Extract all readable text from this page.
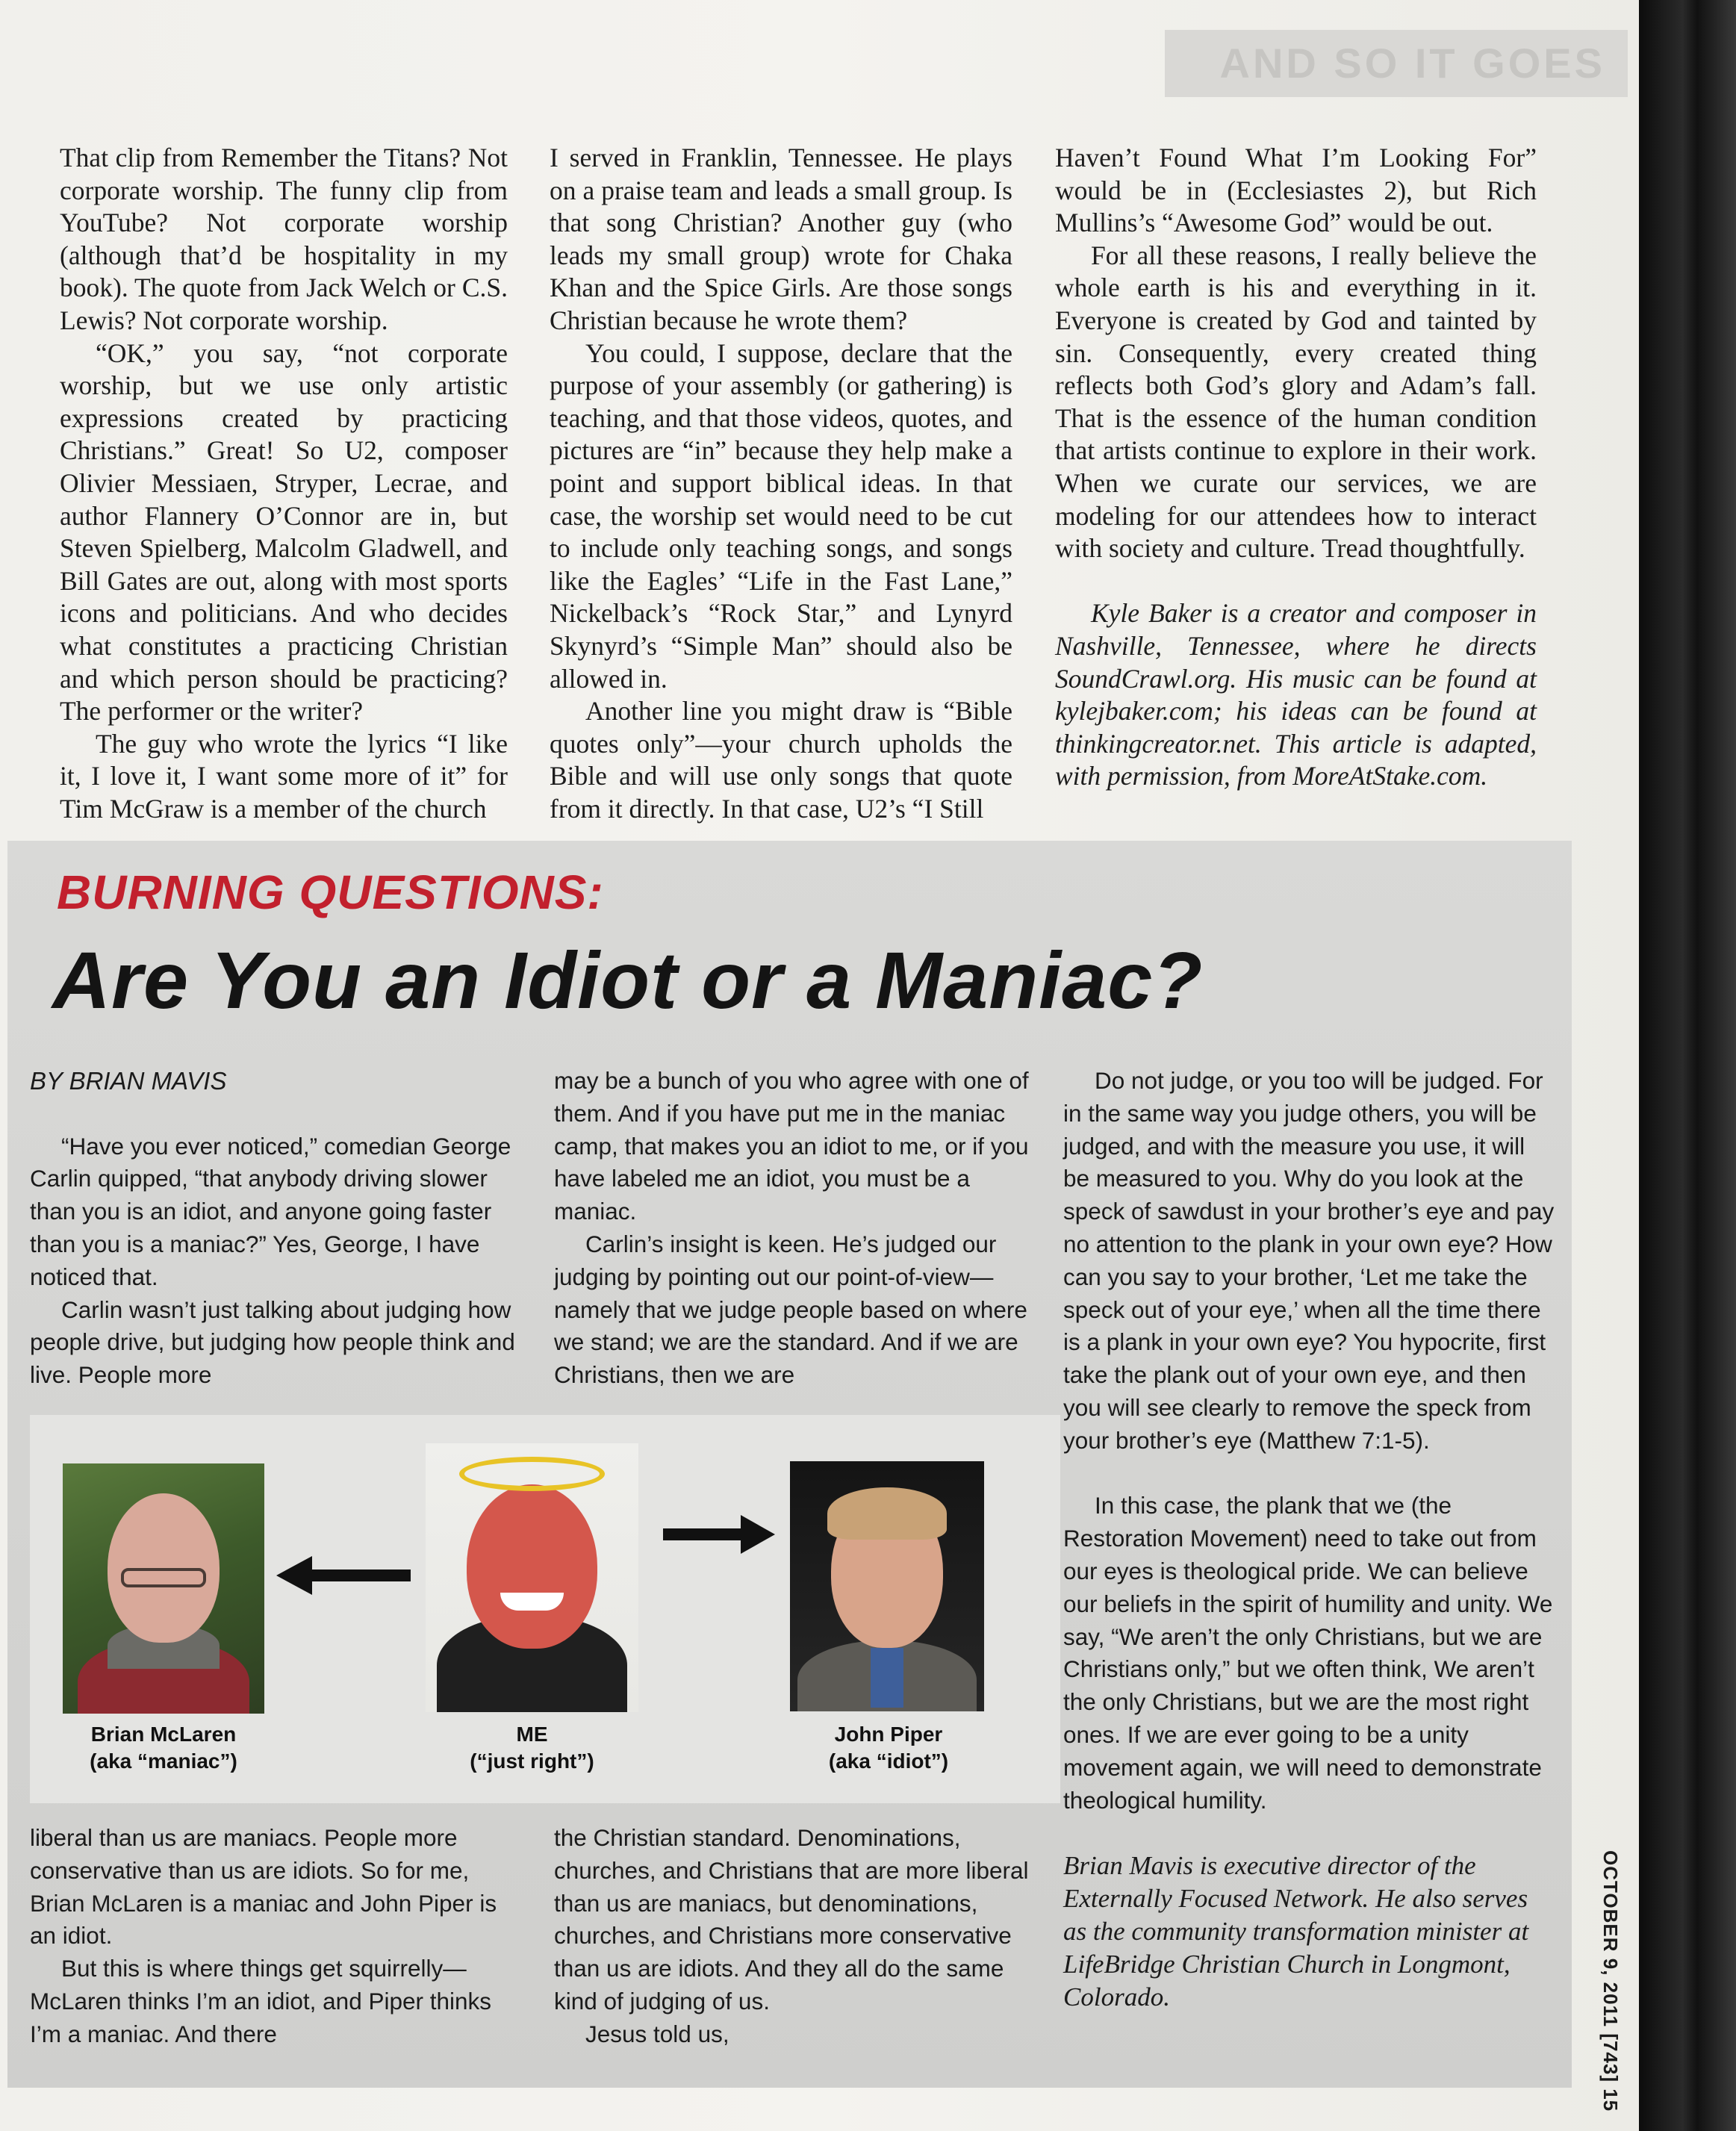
AND SO IT GOES

That clip from Remember the Titans? Not corporate worship. The funny clip from YouTube? Not corporate worship (although that’d be hospitality in my book). The quote from Jack Welch or C.S. Lewis? Not corporate worship.

“OK,” you say, “not corporate worship, but we use only artistic expressions created by practicing Christians.” Great! So U2, composer Olivier Messiaen, Stryper, Lecrae, and author Flannery O’Connor are in, but Steven Spielberg, Malcolm Gladwell, and Bill Gates are out, along with most sports icons and politicians. And who decides what constitutes a practicing Christian and which person should be practicing? The performer or the writer?

The guy who wrote the lyrics “I like it, I love it, I want some more of it” for Tim McGraw is a member of the church

I served in Franklin, Tennessee. He plays on a praise team and leads a small group. Is that song Christian? Another guy (who leads my small group) wrote for Chaka Khan and the Spice Girls. Are those songs Christian because he wrote them?

You could, I suppose, declare that the purpose of your assembly (or gathering) is teaching, and that those videos, quotes, and pictures are “in” because they help make a point and support biblical ideas. In that case, the worship set would need to be cut to include only teaching songs, and songs like the Eagles’ “Life in the Fast Lane,” Nickelback’s “Rock Star,” and Lynyrd Skynyrd’s “Simple Man” should also be allowed in.

Another line you might draw is “Bible quotes only”—your church upholds the Bible and will use only songs that quote from it directly. In that case, U2’s “I Still

Haven’t Found What I’m Looking For” would be in (Ecclesiastes 2), but Rich Mullins’s “Awesome God” would be out.

For all these reasons, I really believe the whole earth is his and everything in it. Everyone is created by God and tainted by sin. Consequently, every created thing reflects both God’s glory and Adam’s fall. That is the essence of the human condition that artists continue to explore in their work. When we curate our services, we are modeling for our attendees how to interact with society and culture. Tread thoughtfully.

Kyle Baker is a creator and composer in Nashville, Tennessee, where he directs SoundCrawl.org. His music can be found at kylejbaker.com; his ideas can be found at thinkingcreator.net. This article is adapted, with permission, from MoreAtStake.com.

BURNING QUESTIONS:
Are You an Idiot or a Maniac?

BY BRIAN MAVIS

“Have you ever noticed,” comedian George Carlin quipped, “that anybody driving slower than you is an idiot, and anyone going faster than you is a maniac?” Yes, George, I have noticed that.

Carlin wasn’t just talking about judging how people drive, but judging how people think and live. People more

may be a bunch of you who agree with one of them. And if you have put me in the maniac camp, that makes you an idiot to me, or if you have labeled me an idiot, you must be a maniac.

Carlin’s insight is keen. He’s judged our judging by pointing out our point-of-view—namely that we judge people based on where we stand; we are the standard. And if we are Christians, then we are

Do not judge, or you too will be judged. For in the same way you judge others, you will be judged, and with the measure you use, it will be measured to you. Why do you look at the speck of sawdust in your brother’s eye and pay no attention to the plank in your own eye? How can you say to your brother, ‘Let me take the speck out of your eye,’ when all the time there is a plank in your own eye? You hypocrite, first take the plank out of your own eye, and then you will see clearly to remove the speck from your brother’s eye (Matthew 7:1-5).

In this case, the plank that we (the Restoration Movement) need to take out from our eyes is theological pride. We can believe our beliefs in the spirit of humility and unity. We say, “We aren’t the only Christians, but we are Christians only,” but we often think, We aren’t the only Christians, but we are the most right ones. If we are ever going to be a unity movement again, we will need to demonstrate theological humility.

Brian Mavis is executive director of the Externally Focused Network. He also serves as the community transformation minister at LifeBridge Christian Church in Longmont, Colorado.

Brian McLaren
(aka “maniac”)
ME
(“just right”)
John Piper
(aka “idiot”)

liberal than us are maniacs. People more conservative than us are idiots. So for me, Brian McLaren is a maniac and John Piper is an idiot.

But this is where things get squirrelly—McLaren thinks I’m an idiot, and Piper thinks I’m a maniac. And there

the Christian standard. Denominations, churches, and Christians that are more liberal than us are maniacs, but denominations, churches, and Christians more conservative than us are idiots. And they all do the same kind of judging of us.

Jesus told us,	OCTOBER 9, 2011 [743] 15
